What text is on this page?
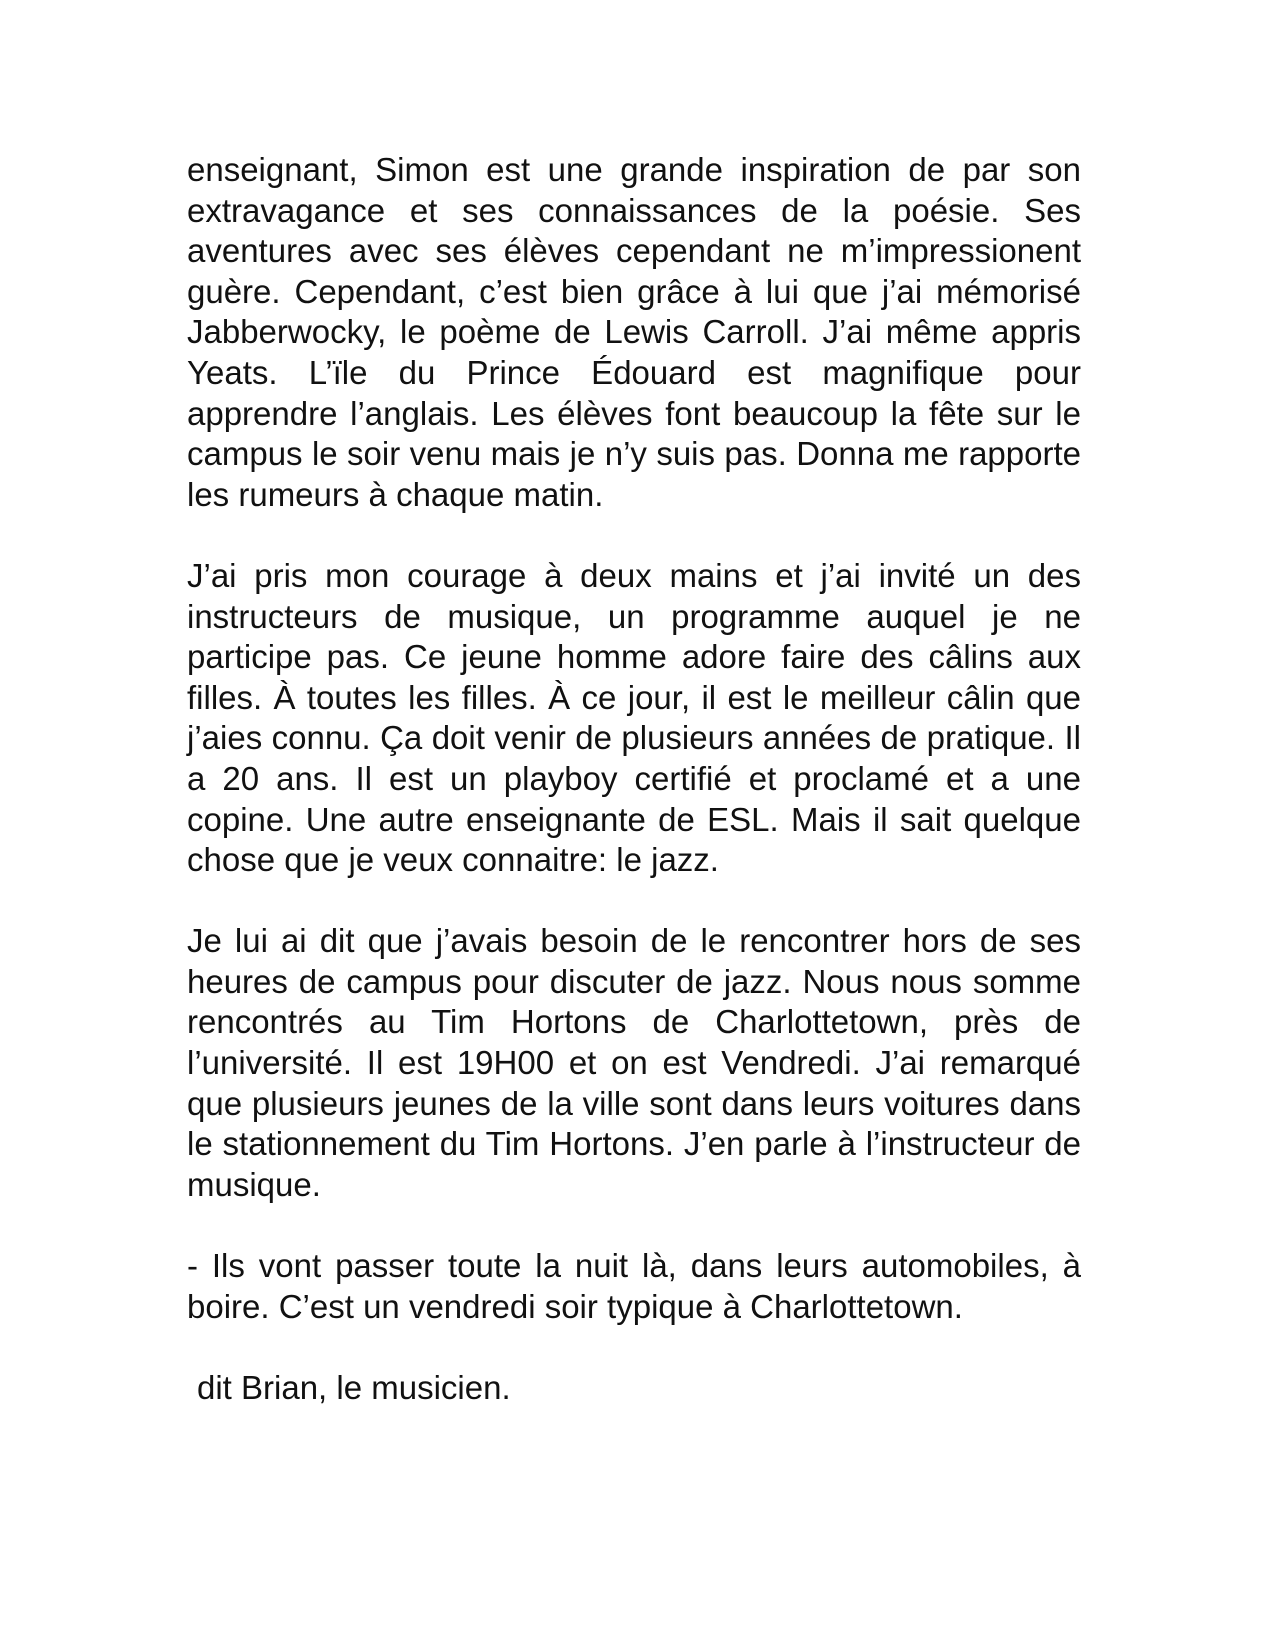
enseignant, Simon est une grande inspiration de par son extravagance et ses connaissances de la poésie. Ses aventures avec ses élèves cependant ne m’impressionent guère. Cependant, c’est bien grâce à lui que j’ai mémorisé Jabberwocky, le poème de Lewis Carroll. J’ai même appris Yeats. L’ïle du Prince Édouard est magnifique pour apprendre l’anglais. Les élèves font beaucoup la fête sur le campus le soir venu mais je n’y suis pas. Donna me rapporte les rumeurs à chaque matin.

J’ai pris mon courage à deux mains et j’ai invité un des instructeurs de musique, un programme auquel je ne participe pas. Ce jeune homme adore faire des câlins aux filles. À toutes les filles. À ce jour, il est le meilleur câlin que j’aies connu. Ça doit venir de plusieurs années de pratique. Il a 20 ans. Il est un playboy certifié et proclamé et a une copine. Une autre enseignante de ESL. Mais il sait quelque chose que je veux connaitre: le jazz.

Je lui ai dit que j’avais besoin de le rencontrer hors de ses heures de campus pour discuter de jazz. Nous nous somme rencontrés au Tim Hortons de Charlottetown, près de l’université. Il est 19H00 et on est Vendredi. J’ai remarqué que plusieurs jeunes de la ville sont dans leurs voitures dans le stationnement du Tim Hortons. J’en parle à l’instructeur de musique.

- Ils vont passer toute la nuit là, dans leurs automobiles, à boire. C’est un vendredi soir typique à Charlottetown.

dit Brian, le musicien.
